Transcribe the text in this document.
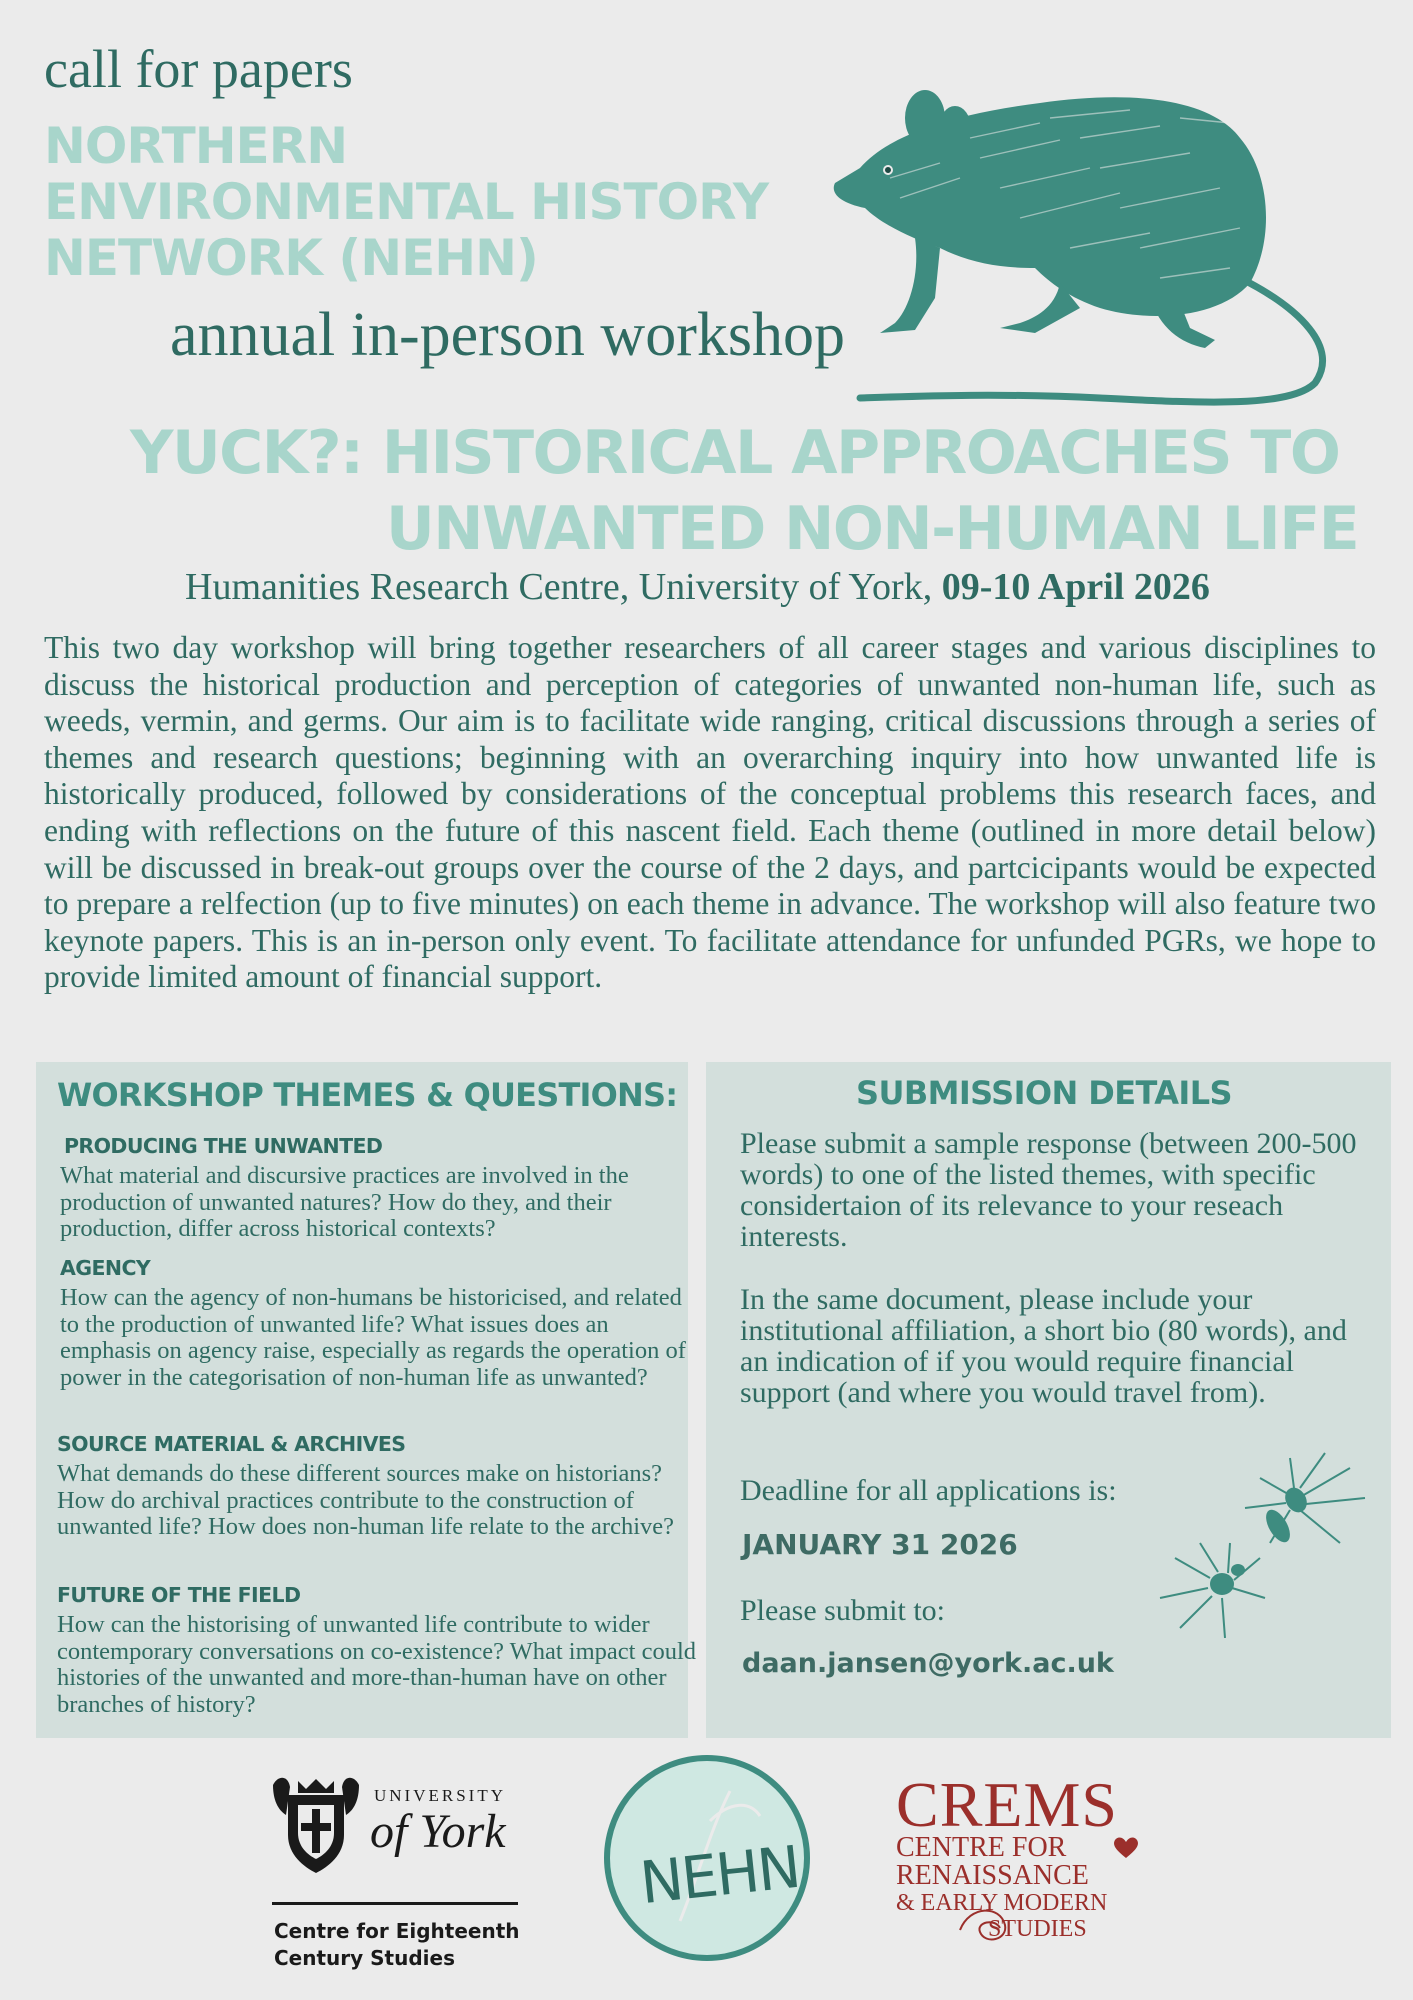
call for papers
NORTHERN
ENVIRONMENTAL HISTORY
NETWORK (NEHN)
annual in-person workshop
YUCK?: HISTORICAL APPROACHES TO
UNWANTED NON-HUMAN LIFE
Humanities Research Centre, University of York, 09-10 April 2026

This two day workshop will bring together researchers of all career stages and various disciplines to discuss the historical production and perception of categories of unwanted non-human life, such as weeds, vermin, and germs. Our aim is to facilitate wide ranging, critical discussions through a series of themes and research questions; beginning with an overarching inquiry into how unwanted life is historically produced, followed by considerations of the conceptual problems this research faces, and ending with reflections on the future of this nascent field. Each theme (outlined in more detail below) will be discussed in break-out groups over the course of the 2 days, and partcicipants would be expected to prepare a relfection (up to five minutes) on each theme in advance. The workshop will also feature two keynote papers. This is an in-person only event. To facilitate attendance for unfunded PGRs, we hope to provide limited amount of financial support.

WORKSHOP THEMES & QUESTIONS:
PRODUCING THE UNWANTED

What material and discursive practices are involved in the production of unwanted natures? How do they, and their production, differ across historical contexts?

AGENCY

How can the agency of non-humans be historicised, and related to the production of unwanted life? What issues does an emphasis on agency raise, especially as regards the operation of power in the categorisation of non-human life as unwanted?

SOURCE MATERIAL & ARCHIVES

What demands do these different sources make on historians? How do archival practices contribute to the construction of unwanted life? How does non-human life relate to the archive?

FUTURE OF THE FIELD

How can the historising of unwanted life contribute to wider contemporary conversations on co-existence? What impact could histories of the unwanted and more-than-human have on other branches of history?

SUBMISSION DETAILS

Please submit a sample response (between 200-500 words) to one of the listed themes, with specific considertaion of its relevance to your reseach interests.

In the same document, please include your institutional affiliation, a short bio (80 words), and an indication of if you would require financial support (and where you would travel from).

Deadline for all applications is:

JANUARY 31 2026

Please submit to:

daan.jansen@york.ac.uk
UNIVERSITY
of York
Centre for Eighteenth
Century Studies
NEHN
CREMS
CENTRE FOR
RENAISSANCE
& EARLY MODERN
STUDIES
